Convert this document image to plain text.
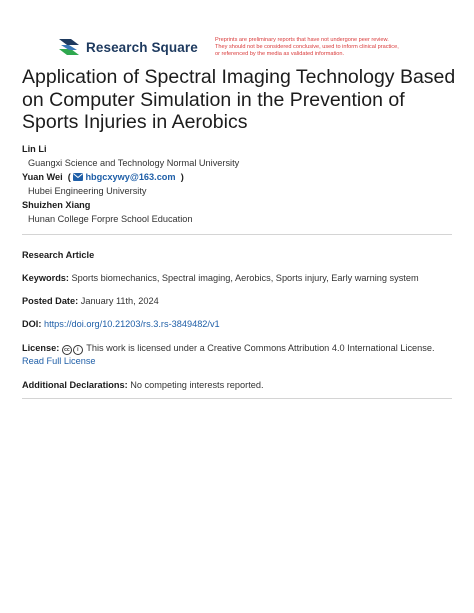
Research Square	Preprints are preliminary reports that have not undergone peer review.
They should not be considered conclusive, used to inform clinical practice,
or referenced by the media as validated information.
Application of Spectral Imaging Technology Based on Computer Simulation in the Prevention of Sports Injuries in Aerobics
Lin Li
Guangxi Science and Technology Normal University
Yuan Wei  ( hbgcxywy@163.com  )
Hubei Engineering University
Shuizhen Xiang
Hunan College Forpre School Education
Research Article
Keywords: Sports biomechanics, Spectral imaging, Aerobics, Sports injury, Early warning system
Posted Date: January 11th, 2024
DOI: https://doi.org/10.21203/rs.3.rs-3849482/v1
License: cc i This work is licensed under a Creative Commons Attribution 4.0 International License.
Read Full License
Additional Declarations: No competing interests reported.
